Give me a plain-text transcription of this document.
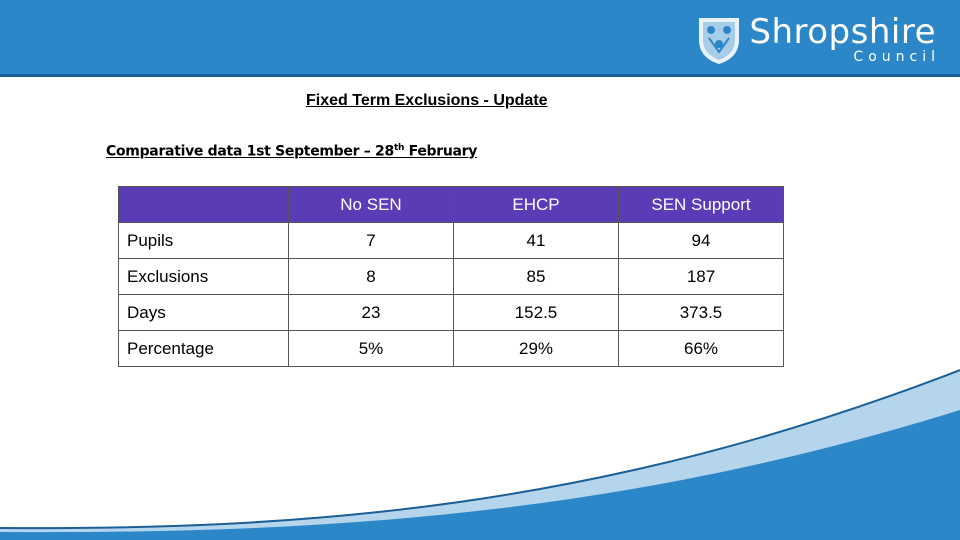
Shropshire
Council
Fixed Term Exclusions - Update
Comparative data 1st September – 28th February
	No SEN	EHCP	SEN Support
Pupils	7	41	94
Exclusions	8	85	187
Days	23	152.5	373.5
Percentage	5%	29%	66%
